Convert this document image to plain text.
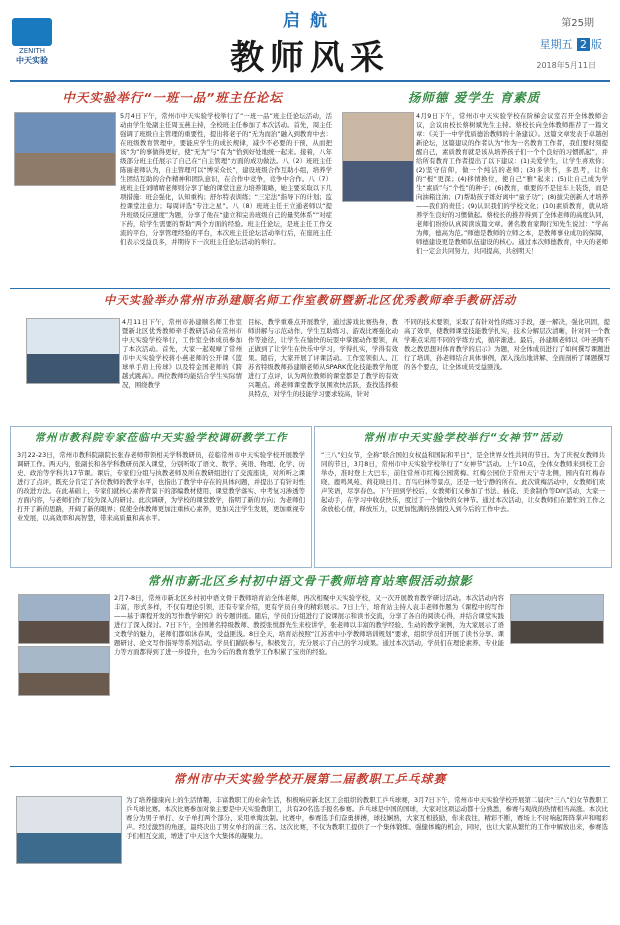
ZENITH
中天实验
启航
教师风采
第25期
星期五 2 版
2018年5月11日
中天实验举行“一班一品”班主任论坛
5月4日下午，常州市中天实验学校举行了“一班一品”班主任论坛活动，活动由学生处副主任周玉燕主持，全校班主任参加了本次活动。首先，周主任强调了班级自主管理的重要性，提出将老子的“无为而治”融入到教育中去：在班级教育管理中，要能应学生的成长规律，减少不必要的干预，从而把该“为”的事做得更好，使“无为”与“有为”恰到好处地统一起来。接着，八年级部分班主任展示了自己在“自主管理”方面的成功做法。八（2）班班主任陈丽老师认为，自主管理可以“博采众长”，建设班级合作互助小组，培养学生团结互助的合作精神和团队意识，在合作中竞争，竞争中合作。八（7）班班主任刘晴晴老师则分享了她的课堂注意力培养策略，她主要采取以下几项措施：班会强化，认知重构；舒尔特表训练；“三定法”指导下的计划；监控课堂注意力；每周评选“专注之星”。八（8）班班主任王立通老师以“提升班级反应速度”为题，分享了他在“建立和完善班级自己的量奖体系”“对症下药，给学生需要的帮助”两个方面的经验。班主任论坛，是班主任工作交流的平台，分享管理经验的平台，本次班主任论坛活动举行后，在座班主任们表示受益良多，并期待下一次班主任论坛活动的举行。
扬师德 爱学生 育素质
4月9日下午，常州市中天实验学校在阶梯会议室召开全体教师会议，会议由校长蔡树斌先生主持。蔡校长向全体教师推荐了一篇文章：《关于一中学优质德治教师的十条建议》。这篇文章发表于卓越创新论坛，这篇建议的作者认为“作为一名教育工作者，我们要时刻提醒自己，素质教育就是该从培养孩子们一个个良好的习惯抓起”，并给所有教育工作者提出了以下建议：(1)关爱学生，让学生喜欢你；(2)坚守信仰，做一个纯洁的老师；(3)多读书，多思考，让你的“根”更深；(4)移情换位，使自己“雅”起来；(5)让自己成为学生“素质”与“个性”的种子；(6)教育，重要的不是往车上装货，而是向油箱注油；(7)帮助孩子练好离中“童子功”；(8)拔尖创新人才培养——我们的责任；(9)认识我们的学校文化；(10)素质教育，就从培养学生良好的习惯做起。蔡校长的推荐得到了全体老师的高度认同，老师们纷纷认真阅读该篇文章。著名教育家陶行知先生说过：“学高为师，德高为范。”师德是教师的立师之本，是教师事业成功的保障，师德建设更是教师队伍建设的核心。通过本次师德教育，中天的老师们一定会共同努力，共同提高，共创明天！
中天实验举办常州市孙建顺名师工作室教研暨新北区优秀教师牵手教研活动
4月11日下午，常州市孙建顺名师工作室暨新北区优秀教师牵手教研活动在常州市中天实验学校举行，工作室全体成员参加了本次活动。首先，大家一起观摩了常州市中天实验学校蒋小燕老师的公开课《篮球单手肩上传球》以及特金国老师的《跨越式跳高》。两位教师均能结合学生实际情况，围绕教学
目标、教学重难点开展教学，通过游戏比赛热身、教师讲解与示范动作、学生互助练习、游戏比赛强化动作等途径，让学生在愉快的玩耍中掌握动作要领，真正做到了让学生在快乐中学习，学得扎实，学得有效果。随后，大家开展了评课活动。工作室领衔人、江苏省特级教师孙建顺老师从SPARK优化技能教学角度进行了点评，认为两位教师的课堂都是了教学的有效兴趣点。蒋老师课堂教学氛围欢快活跃，查找选择极具特点，对学生的技能学习要求较高，针对
不同的技术要领，采取了有针对性的练习手段，逐一解决，强化巩固，提高了效率，使教师课堂技能教学扎实，技术分解层次清晰，针对同一个教学难点采用不同的学练方式，循序渐进。最后，孙建顺老师以《叶圣陶不教之教思想对体育教学的启示》为题，对全体成员进行了如何撰写课题进行了培训，孙老师结合具体事例，深入浅出地讲解、全面剖析了课题撰写的各个要点，让全体成员受益匪浅。
常州市教科院专家莅临中天实验学校调研教学工作
3月22-23日，常州市教科院副院长张春老师带领相关学科教研员，莅临常州市中天实验学校开展教学调研工作。两天内，张副长和各学科教研员深入课堂，分别听取了语文、数学、英语、物理、化学、历史、政治等学科共17节课。课后，专家们分组与执教老师及所在教研组进行了交流座谈，对所听之课进行了点评，既充分肯定了各位教师的教学水平，也指出了教学中存在的具体问题，并提出了有针对性的改进方法。在此基础上，专家们就核心素养背景下的部编教材使用、课堂教学落实、中考复习渗透等方面内容，与老师们作了较为深入的研讨。此次调研，为学校的课堂教学，指明了新的方向；为老师们打开了新的思路，开阔了新的眼界；促使全体教师更加注重核心素养，更加关注学生发展，更加重视专业发展，以高效率和高智慧，带来高质量和高水平。
常州市中天实验学校举行“女神节”活动
“三八”妇女节，全称“联合国妇女权益和国际和平日”，是全世界女性共同的节日。为了庆祝女教师共同的节日，3月8日，常州市中天实验学校举行了“女神节”活动。上午10点，全体女教师来到校工会举办，准时登上大巴车，前往常州市红梅公园赏梅。红梅公园位于常州天宁寺北侧，园内有红梅春晓、鹿鸣风苑、荷花映日月、百鸟归林等景点，还是一处宁静的所在。此次赏梅活动中，女教师们欢声笑语，尽享春色。下午回到学校后，女教师们又参加了书法、插花、美食制作等DIY活动，大家一起动手，在学习中收获快乐，度过了一个愉快的女神节。通过本次活动，让女教师们在繁忙的工作之余放松心情，释放压力，以更加饱满的热情投入到今后的工作中去。
常州市新北区乡村初中语文骨干教师培育站寒假活动掠影
2月7-8日，常州市新北区乡村初中语文骨干教师培育站全体老师，再次相聚中天实验学校，又一次开展教育教学研讨活动。本次活动内容丰富，形式多样，不仅有理论引领，还有专家介绍，更有学员自身的精彩展示。7日上午，培育站主持人袁丰老师作题为《课程中的写作——基于课程开发的写作教学研究》的专题讲座。随后，学员们分组进行了说课展示和读书交流，分享了各自的阅读心得，并结合课堂实践进行了深入探讨。7日下午，全国著名特级教师、教授张悦群先生来校讲学，张老师以丰富的教学经验、生动的教学案例，为大家展示了语文教学的魅力，老师们都如沐春风，受益匪浅。8日全天，培育站按照“江苏省中小学教师培训规划”要求，组织学员们开展了读书分享、课题研讨、论文写作指导等系列活动。学员们踊跃参与，积极发言，充分展示了自己的学习成果。通过本次活动，学员们在理论素养、专业能力等方面都得到了进一步提升，也为今后的教育教学工作积累了宝贵的经验。
常州市中天实验学校开展第二届教职工乒乓球赛
为了培养健康向上的生活情趣，丰富教职工的业余生活，积极响应新北区工会组织的教职工乒乓球赛，3月7日下午，常州市中天实验学校开展第二届庆“三八”妇女节教职工乒乓球比赛。本次比赛参加对象主要是中天实验教职工，共有20名选手报名参赛。乒乓球是中国的国球，大家对这项运动都十分熟悉，参赛与观战的热情相当高涨。本次比赛分为男子单打、女子单打两个部分，采用单淘汰制。比赛中，参赛选手们奋勇拼搏，球技娴熟，大家互相鼓励，你来我往，精彩不断，赛场上不时响起阵阵掌声和喝彩声。经过激烈的角逐，最终决出了男女单打的前三名。这次比赛，不仅为教职工提供了一个集体锻炼、强健体魄的机会，同时，也让大家从繁忙的工作中解放出来，参赛选手们相互交流，增进了中天这个大集体的凝聚力。
